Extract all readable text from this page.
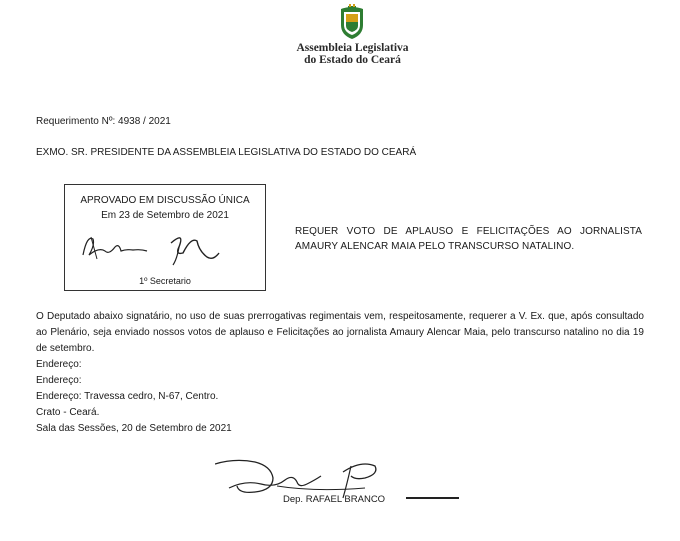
Assembleia Legislativa
do Estado do Ceará
Requerimento Nº: 4938 / 2021
EXMO. SR. PRESIDENTE DA ASSEMBLEIA LEGISLATIVA DO ESTADO DO CEARÁ
APROVADO EM DISCUSSÃO ÚNICA
Em 23 de Setembro de 2021
1º Secretario
REQUER VOTO DE APLAUSO E FELICITAÇÕES AO JORNALISTA AMAURY ALENCAR MAIA PELO TRANSCURSO NATALINO.
O Deputado abaixo signatário, no uso de suas prerrogativas regimentais vem, respeitosamente, requerer a V. Ex. que, após consultado ao Plenário, seja enviado nossos votos de aplauso e Felicitações ao jornalista Amaury Alencar Maia, pelo transcurso natalino no dia 19 de setembro.
Endereço:
Endereço:
Endereço: Travessa cedro, N-67, Centro.
Crato - Ceará.
Sala das Sessões, 20 de Setembro de 2021
Dep. RAFAEL BRANCO
